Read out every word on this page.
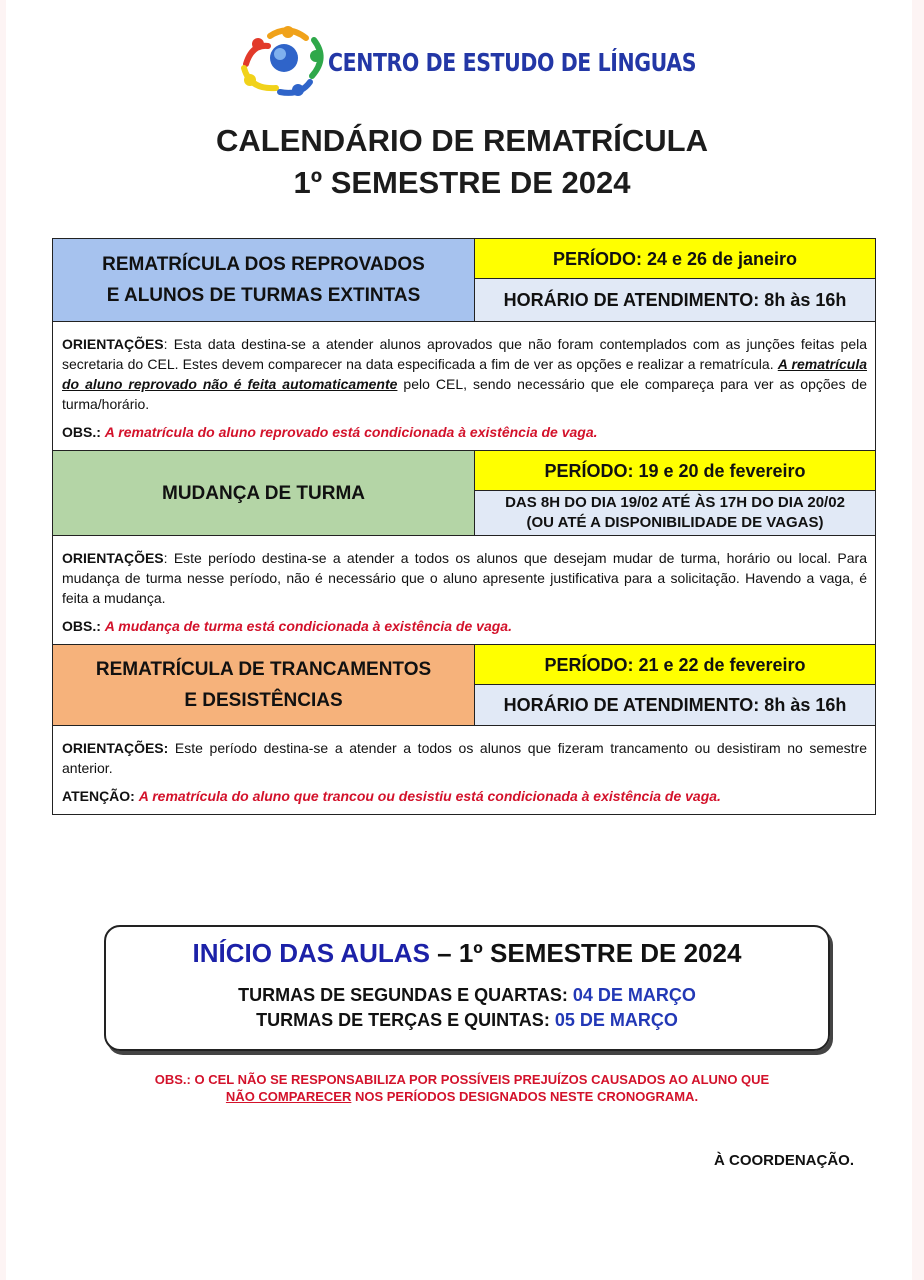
CENTRO DE ESTUDO DE LÍNGUAS
CALENDÁRIO DE REMATRÍCULA
1º SEMESTRE DE 2024
REMATRÍCULA DOS REPROVADOS
E ALUNOS DE TURMAS EXTINTAS
PERÍODO: 24 e 26 de janeiro
HORÁRIO DE ATENDIMENTO: 8h às 16h

ORIENTAÇÕES: Esta data destina-se a atender alunos aprovados que não foram contemplados com as junções feitas pela secretaria do CEL. Estes devem comparecer na data especificada a fim de ver as opções e realizar a rematrícula. A rematrícula do aluno reprovado não é feita automaticamente pelo CEL, sendo necessário que ele compareça para ver as opções de turma/horário.

OBS.: A rematrícula do aluno reprovado está condicionada à existência de vaga.

MUDANÇA DE TURMA
PERÍODO: 19 e 20 de fevereiro
DAS 8H DO DIA 19/02 ATÉ ÀS 17H DO DIA 20/02
(OU ATÉ A DISPONIBILIDADE DE VAGAS)

ORIENTAÇÕES: Este período destina-se a atender a todos os alunos que desejam mudar de turma, horário ou local. Para mudança de turma nesse período, não é necessário que o aluno apresente justificativa para a solicitação. Havendo a vaga, é feita a mudança.

OBS.: A mudança de turma está condicionada à existência de vaga.

REMATRÍCULA DE TRANCAMENTOS
E DESISTÊNCIAS
PERÍODO: 21 e 22 de fevereiro
HORÁRIO DE ATENDIMENTO: 8h às 16h

ORIENTAÇÕES: Este período destina-se a atender a todos os alunos que fizeram trancamento ou desistiram no semestre anterior.

ATENÇÃO: A rematrícula do aluno que trancou ou desistiu está condicionada à existência de vaga.

INÍCIO DAS AULAS – 1º SEMESTRE DE 2024
TURMAS DE SEGUNDAS E QUARTAS: 04 DE MARÇO
TURMAS DE TERÇAS E QUINTAS: 05 DE MARÇO
OBS.: O CEL NÃO SE RESPONSABILIZA POR POSSÍVEIS PREJUÍZOS CAUSADOS AO ALUNO QUE
NÃO COMPARECER NOS PERÍODOS DESIGNADOS NESTE CRONOGRAMA.
À COORDENAÇÃO.
